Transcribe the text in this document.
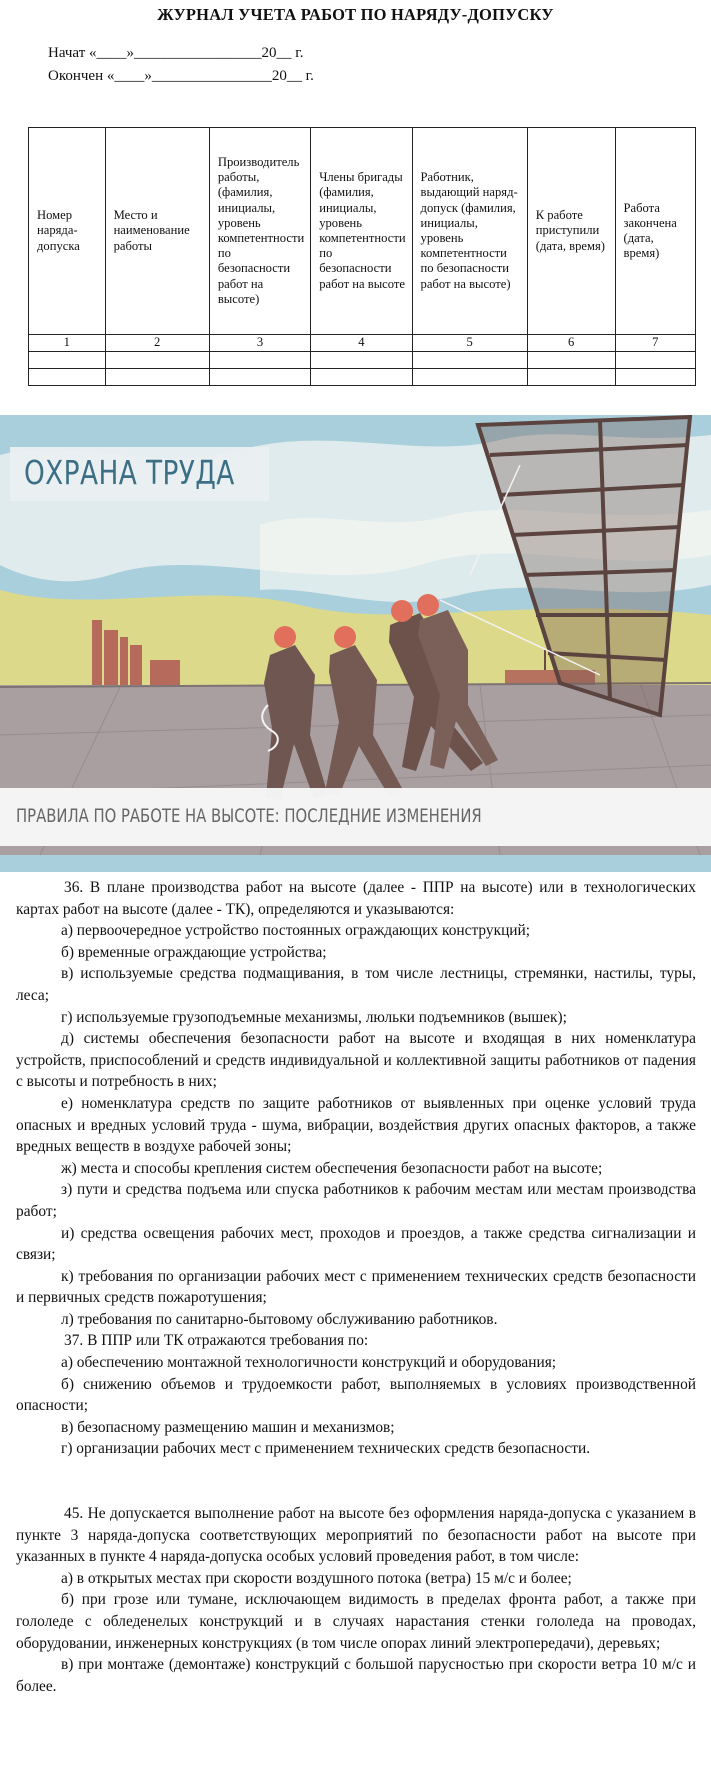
ЖУРНАЛ УЧЕТА РАБОТ ПО НАРЯДУ-ДОПУСКУ
Начат «____»_________________20__ г.
Окончен «____»________________20__ г.
Номер наряда-допуска	Место и наименование работы	Производитель работы, (фамилия, инициалы, уровень компетентности по безопасности работ на высоте)	Члены бригады (фамилия, инициалы, уровень компетентности по безопасности работ на высоте	Работник, выдающий наряд-допуск (фамилия, инициалы, уровень компетентности по безопасности работ на высоте)	К работе приступили (дата, время)	Работа закончена (дата, время)
1	2	3	4	5	6	7

ОХРАНА ТРУДА
ПРАВИЛА ПО РАБОТЕ НА ВЫСОТЕ: ПОСЛЕДНИЕ ИЗМЕНЕНИЯ

36. В плане производства работ на высоте (далее - ППР на высоте) или в технологических картах работ на высоте (далее - ТК), определяются и указываются:

а) первоочередное устройство постоянных ограждающих конструкций;

б) временные ограждающие устройства;

в) используемые средства подмащивания, в том числе лестницы, стремянки, настилы, туры, леса;

г) используемые грузоподъемные механизмы, люльки подъемников (вышек);

д) системы обеспечения безопасности работ на высоте и входящая в них номенклатура устройств, приспособлений и средств индивидуальной и коллективной защиты работников от падения с высоты и потребность в них;

е) номенклатура средств по защите работников от выявленных при оценке условий труда опасных и вредных условий труда - шума, вибрации, воздействия других опасных факторов, а также вредных веществ в воздухе рабочей зоны;

ж) места и способы крепления систем обеспечения безопасности работ на высоте;

з) пути и средства подъема или спуска работников к рабочим местам или местам производства работ;

и) средства освещения рабочих мест, проходов и проездов, а также средства сигнализации и связи;

к) требования по организации рабочих мест с применением технических средств безопасности и первичных средств пожаротушения;

л) требования по санитарно-бытовому обслуживанию работников.

37. В ППР или ТК отражаются требования по:

а) обеспечению монтажной технологичности конструкций и оборудования;

б) снижению объемов и трудоемкости работ, выполняемых в условиях производственной опасности;

в) безопасному размещению машин и механизмов;

г) организации рабочих мест с применением технических средств безопасности.

45. Не допускается выполнение работ на высоте без оформления наряда-допуска с указанием в пункте 3 наряда-допуска соответствующих мероприятий по безопасности работ на высоте при указанных в пункте 4 наряда-допуска особых условий проведения работ, в том числе:

а) в открытых местах при скорости воздушного потока (ветра) 15 м/с и более;

б) при грозе или тумане, исключающем видимость в пределах фронта работ, а также при гололеде с обледенелых конструкций и в случаях нарастания стенки гололеда на проводах, оборудовании, инженерных конструкциях (в том числе опорах линий электропередачи), деревьях;

в) при монтаже (демонтаже) конструкций с большой парусностью при скорости ветра 10 м/с и более.
